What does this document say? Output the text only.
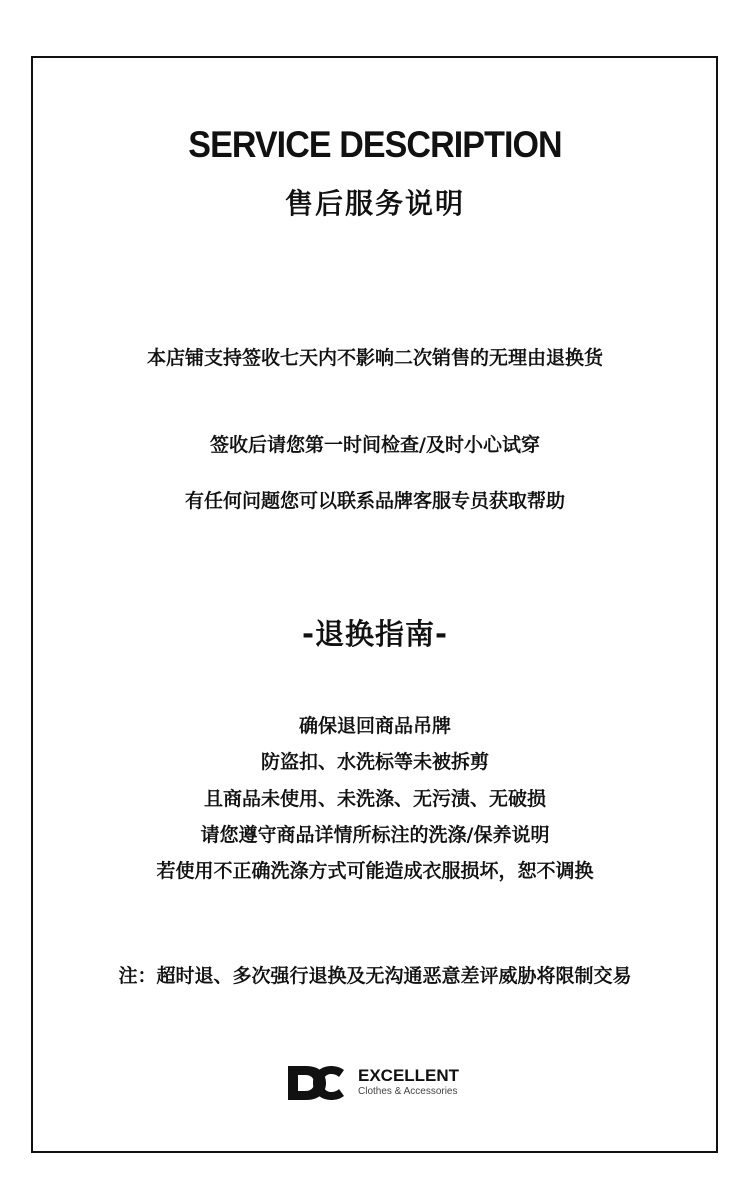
SERVICE DESCRIPTION
售后服务说明
本店铺支持签收七天内不影响二次销售的无理由退换货
签收后请您第一时间检查/及时小心试穿
有任何问题您可以联系品牌客服专员获取帮助
-退换指南-
确保退回商品吊牌
防盗扣、水洗标等未被拆剪
且商品未使用、未洗涤、无污渍、无破损
请您遵守商品详情所标注的洗涤/保养说明
若使用不正确洗涤方式可能造成衣服损坏，恕不调换
注：超时退、多次强行退换及无沟通恶意差评威胁将限制交易
EXCELLENT
Clothes & Accessories
